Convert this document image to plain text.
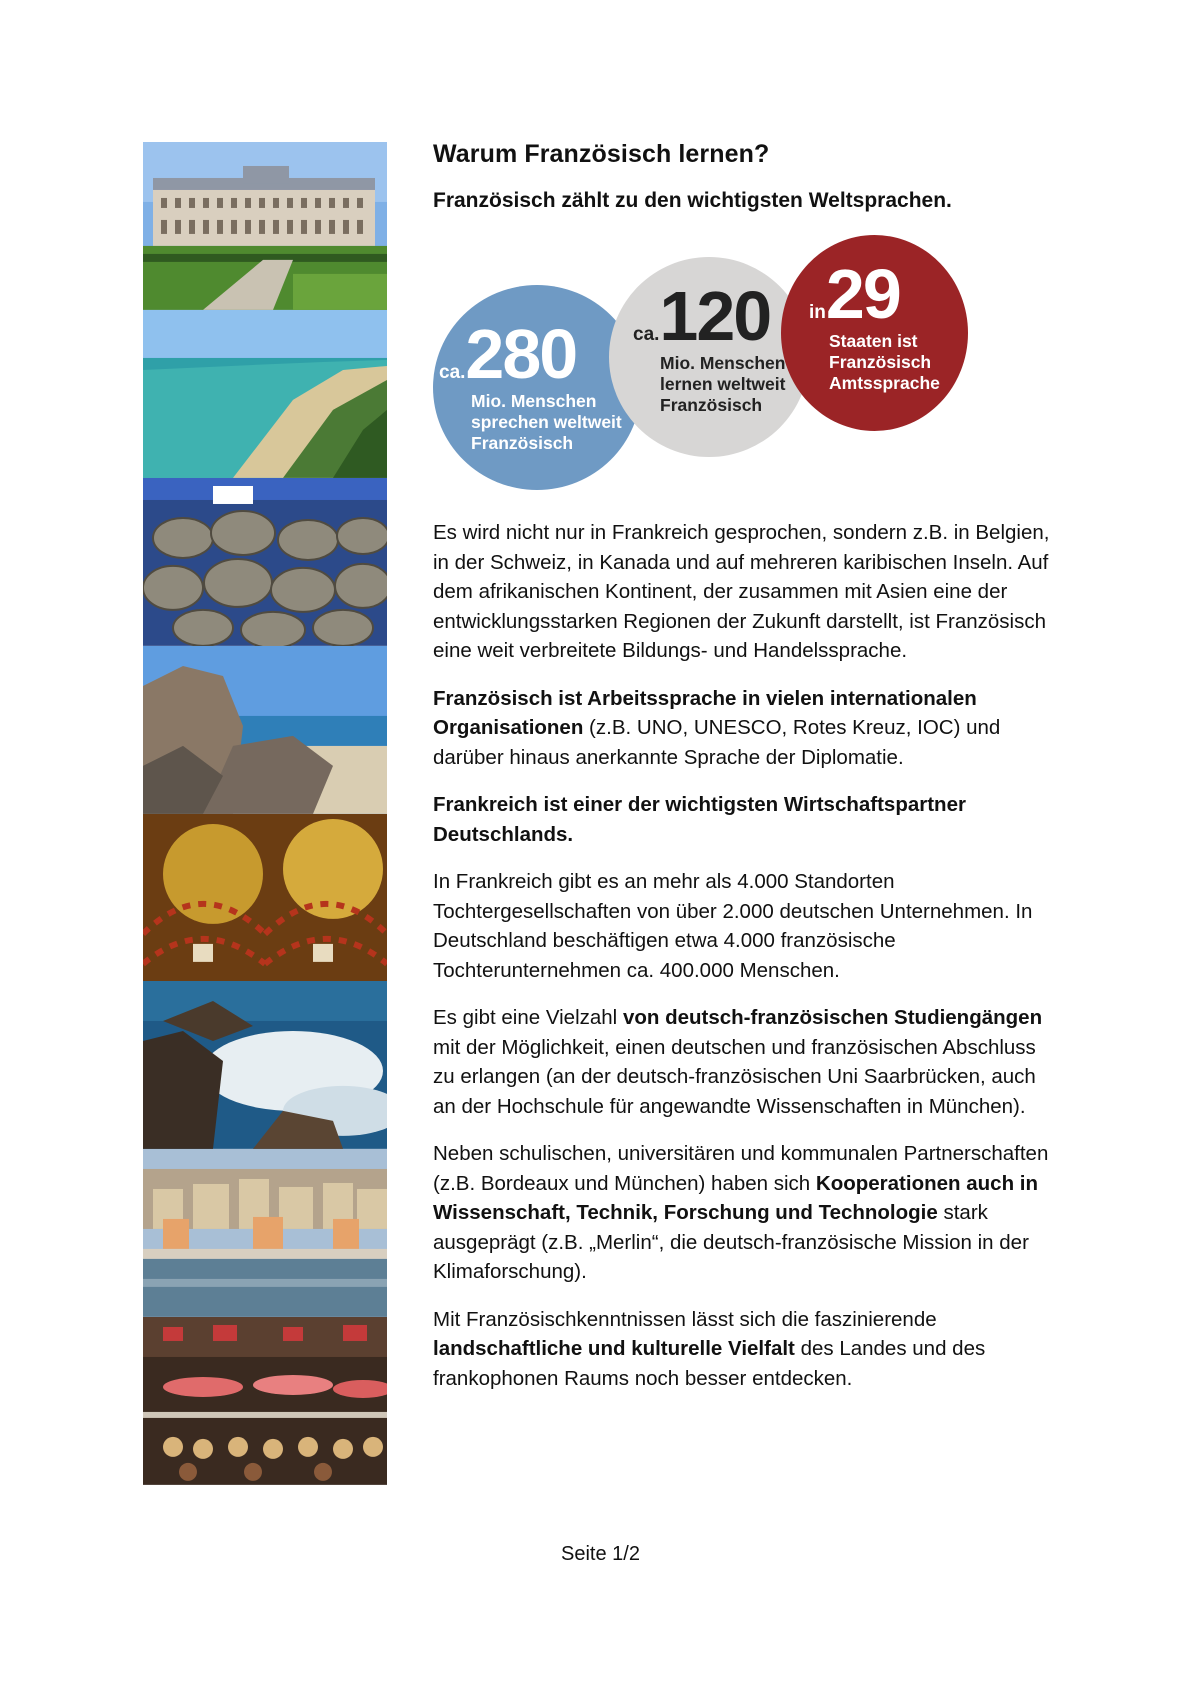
Warum Französisch lernen?

Französisch zählt zu den wichtigsten Weltsprachen.

ca.280
Mio. Menschen
sprechen weltweit
Französisch
ca.120
Mio. Menschen
lernen weltweit
Französisch
in29
Staaten ist
Französisch
Amtssprache

Es wird nicht nur in Frankreich gesprochen, sondern z.B. in Belgien, in der Schweiz, in Kanada und auf mehreren karibischen Inseln. Auf dem afrikanischen Kontinent, der zusammen mit Asien eine der entwicklungsstarken Regionen der Zukunft darstellt, ist Französisch eine weit verbreitete Bildungs- und Handelssprache.

Französisch ist Arbeitssprache in vielen internationalen Organisationen (z.B. UNO, UNESCO, Rotes Kreuz, IOC) und darüber hinaus anerkannte Sprache der Diplomatie.

Frankreich ist einer der wichtigsten Wirtschaftspartner Deutschlands.

In Frankreich gibt es an mehr als 4.000 Standorten Tochtergesellschaften von über 2.000 deutschen Unternehmen. In Deutschland beschäftigen etwa 4.000 französische Tochterunternehmen ca. 400.000 Menschen.

Es gibt eine Vielzahl von deutsch-französischen Studiengängen mit der Möglichkeit, einen deutschen und französischen Abschluss zu erlangen (an der deutsch-französischen Uni Saarbrücken, auch an der Hochschule für angewandte Wissenschaften in München).

Neben schulischen, universitären und kommunalen Partnerschaften (z.B. Bordeaux und München) haben sich Kooperationen auch in Wissenschaft, Technik, Forschung und Technologie stark ausgeprägt (z.B. „Merlin“, die deutsch-französische Mission in der Klimaforschung).

Mit Französischkenntnissen lässt sich die faszinierende landschaftliche und kulturelle Vielfalt des Landes und des frankophonen Raums noch besser entdecken.

Seite 1/2
